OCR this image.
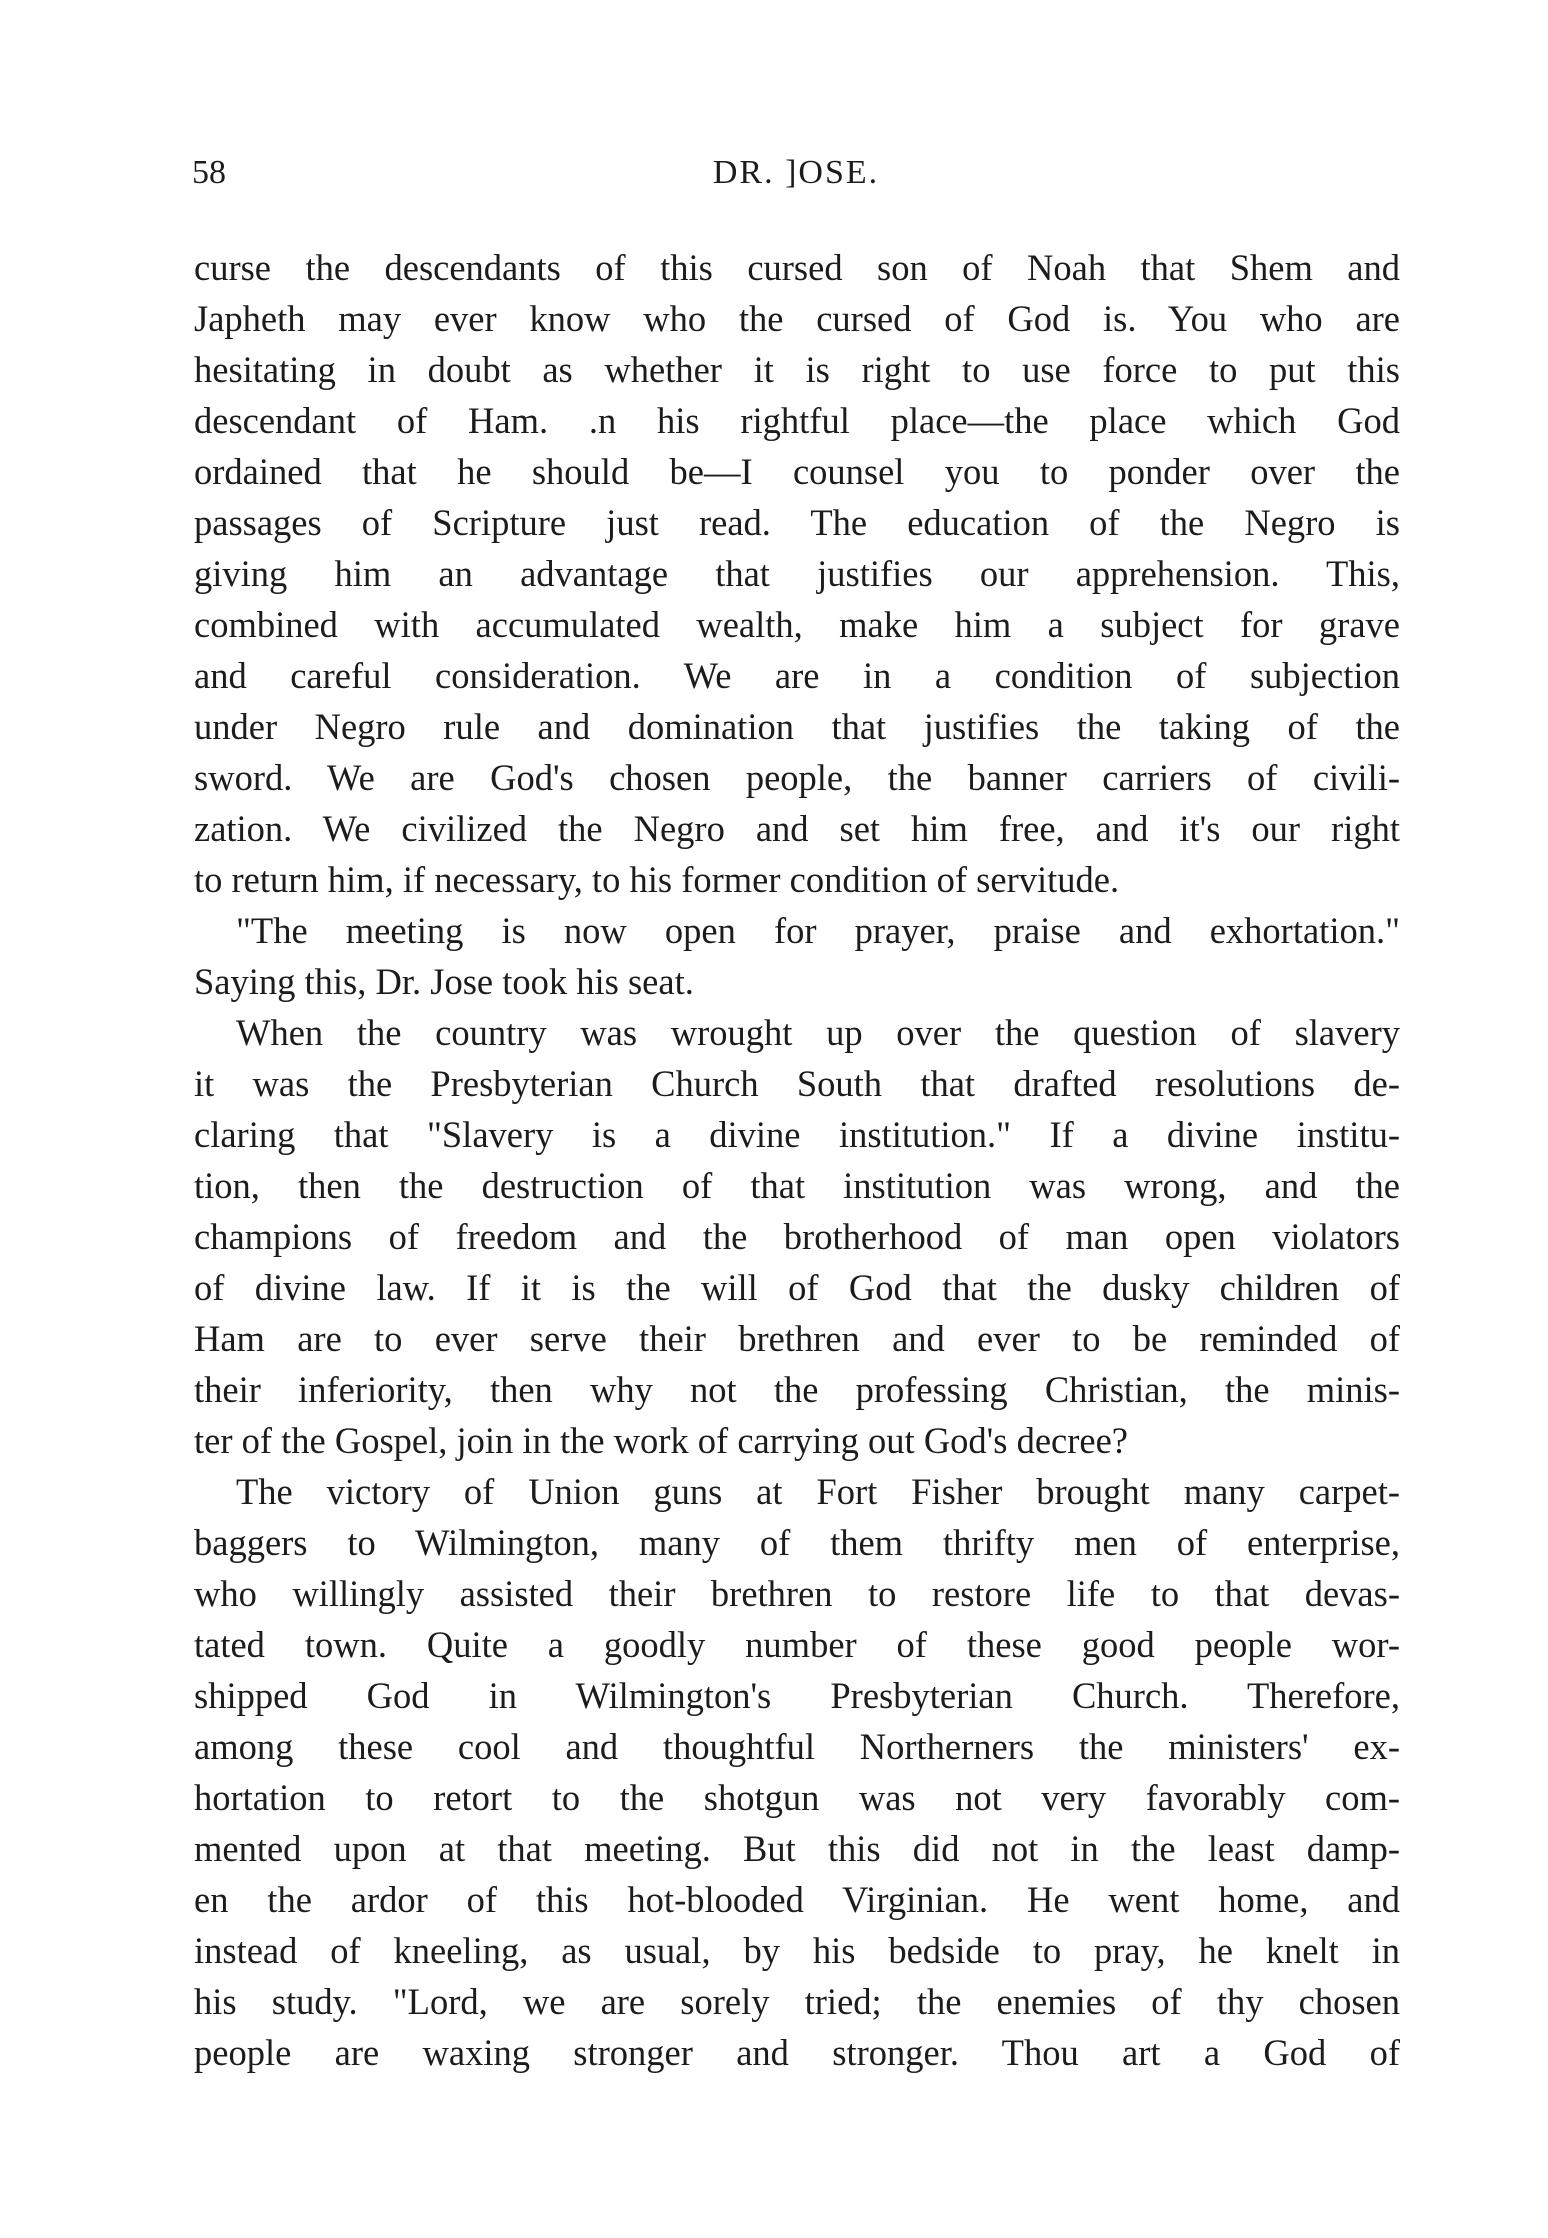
58	DR. ]OSE.
curse the descendants of this cursed son of Noah that Shem and
Japheth may ever know who the cursed of God is. You who are
hesitating in doubt as whether it is right to use force to put this
descendant of Ham. .n his rightful place—the place which God
ordained that he should be—I counsel you to ponder over the
passages of Scripture just read. The education of the Negro is
giving him an advantage that justifies our apprehension. This,
combined with accumulated wealth, make him a subject for grave
and careful consideration. We are in a condition of subjection
under Negro rule and domination that justifies the taking of the
sword. We are God's chosen people, the banner carriers of civili-
zation. We civilized the Negro and set him free, and it's our right
to return him, if necessary, to his former condition of servitude.
"The meeting is now open for prayer, praise and exhortation."
Saying this, Dr. Jose took his seat.
When the country was wrought up over the question of slavery
it was the Presbyterian Church South that drafted resolutions de-
claring that "Slavery is a divine institution." If a divine institu-
tion, then the destruction of that institution was wrong, and the
champions of freedom and the brotherhood of man open violators
of divine law. If it is the will of God that the dusky children of
Ham are to ever serve their brethren and ever to be reminded of
their inferiority, then why not the professing Christian, the minis-
ter of the Gospel, join in the work of carrying out God's decree?
The victory of Union guns at Fort Fisher brought many carpet-
baggers to Wilmington, many of them thrifty men of enterprise,
who willingly assisted their brethren to restore life to that devas-
tated town. Quite a goodly number of these good people wor-
shipped God in Wilmington's Presbyterian Church. Therefore,
among these cool and thoughtful Northerners the ministers' ex-
hortation to retort to the shotgun was not very favorably com-
mented upon at that meeting. But this did not in the least damp-
en the ardor of this hot-blooded Virginian. He went home, and
instead of kneeling, as usual, by his bedside to pray, he knelt in
his study. "Lord, we are sorely tried; the enemies of thy chosen
people are waxing stronger and stronger. Thou art a God of
